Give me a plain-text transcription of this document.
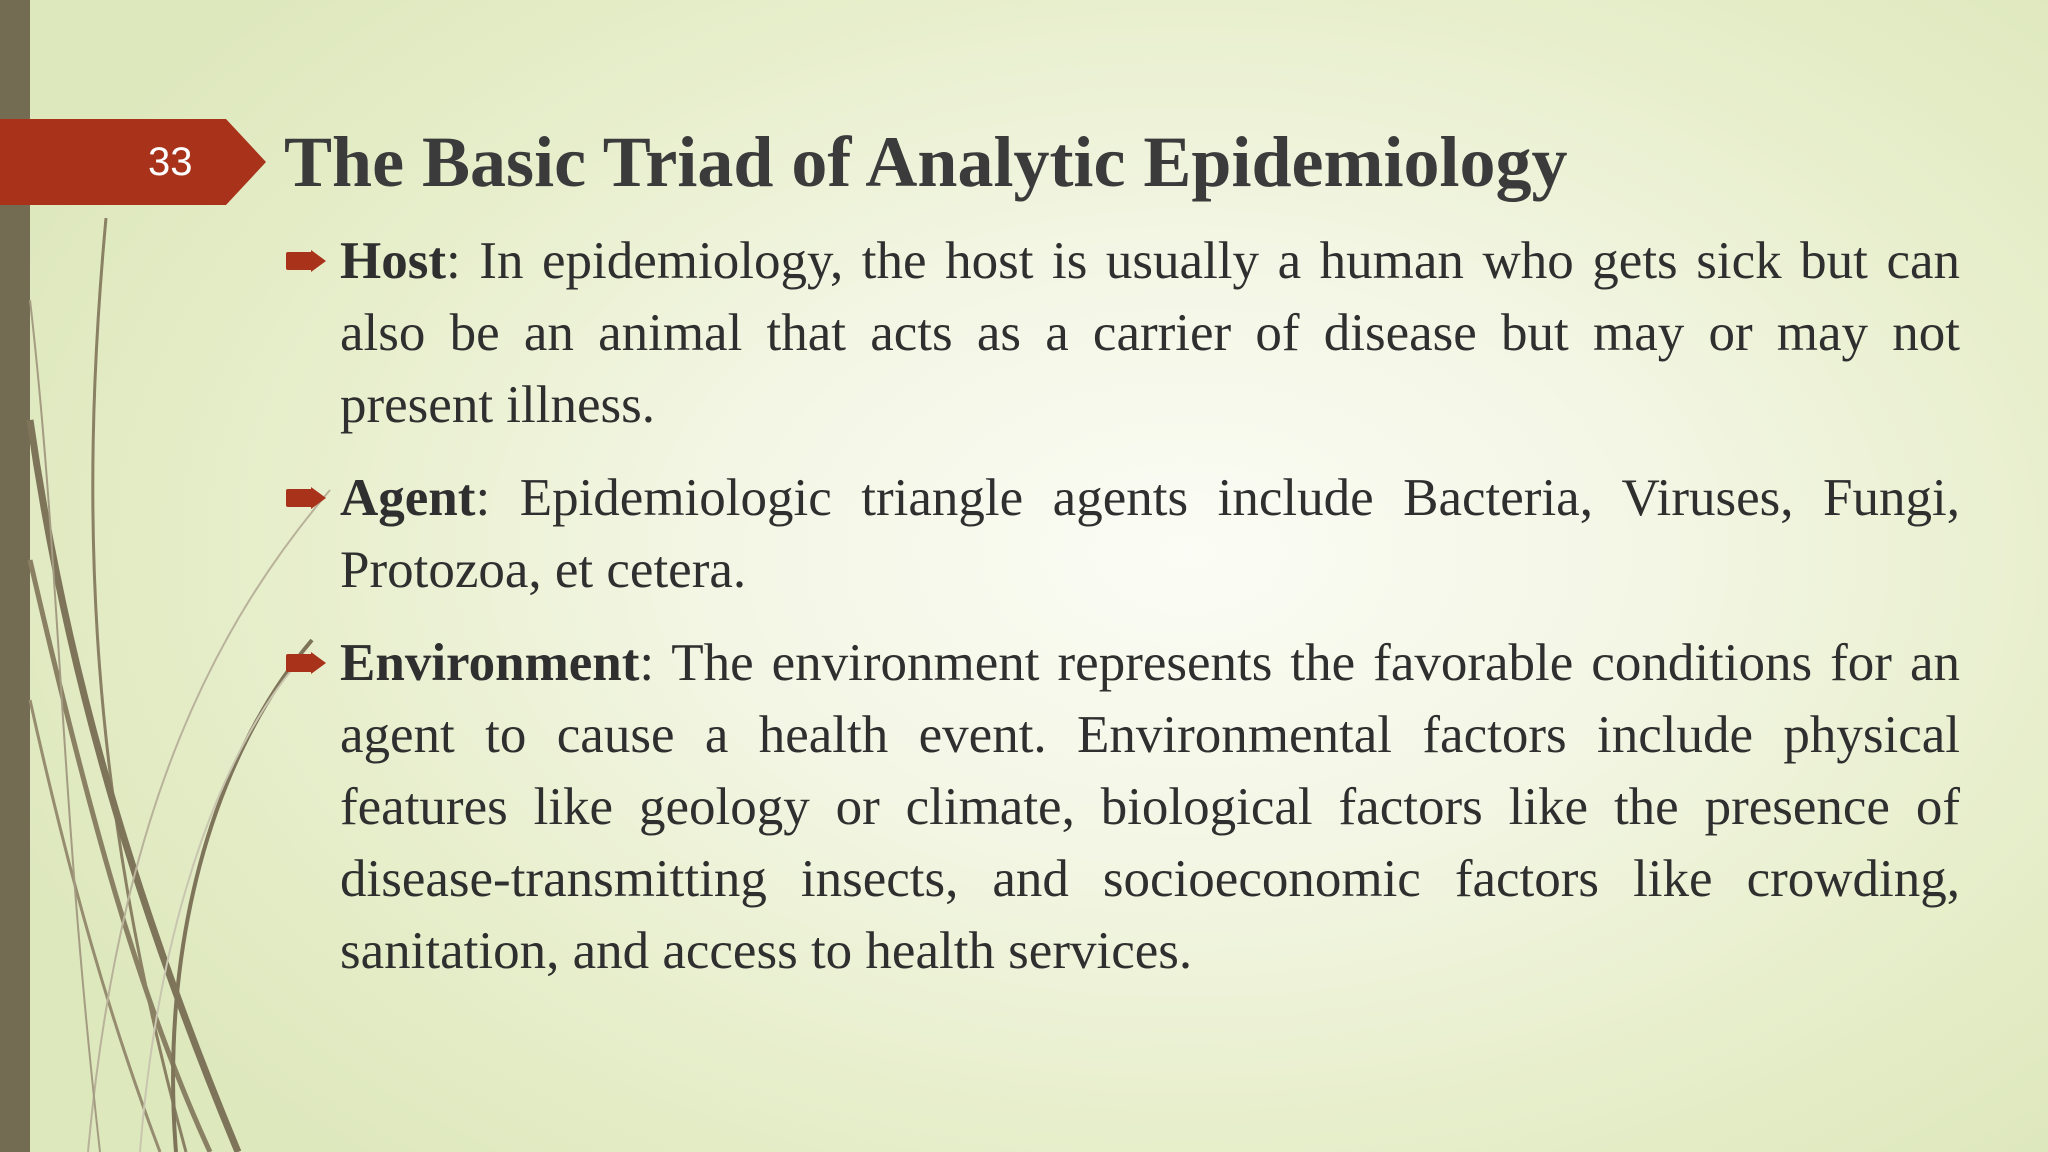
33	The Basic Triad of Analytic Epidemiology
Host: In epidemiology, the host is usually a human who gets sick but can also be an animal that acts as a carrier of disease but may or may not present illness.
Agent: Epidemiologic triangle agents include Bacteria, Viruses, Fungi, Protozoa, et cetera.
Environment: The environment represents the favorable conditions for an agent to cause a health event. Environmental factors include physical features like geology or climate, biological factors like the presence of disease-transmitting insects, and socioeconomic factors like crowding, sanitation, and access to health services.
